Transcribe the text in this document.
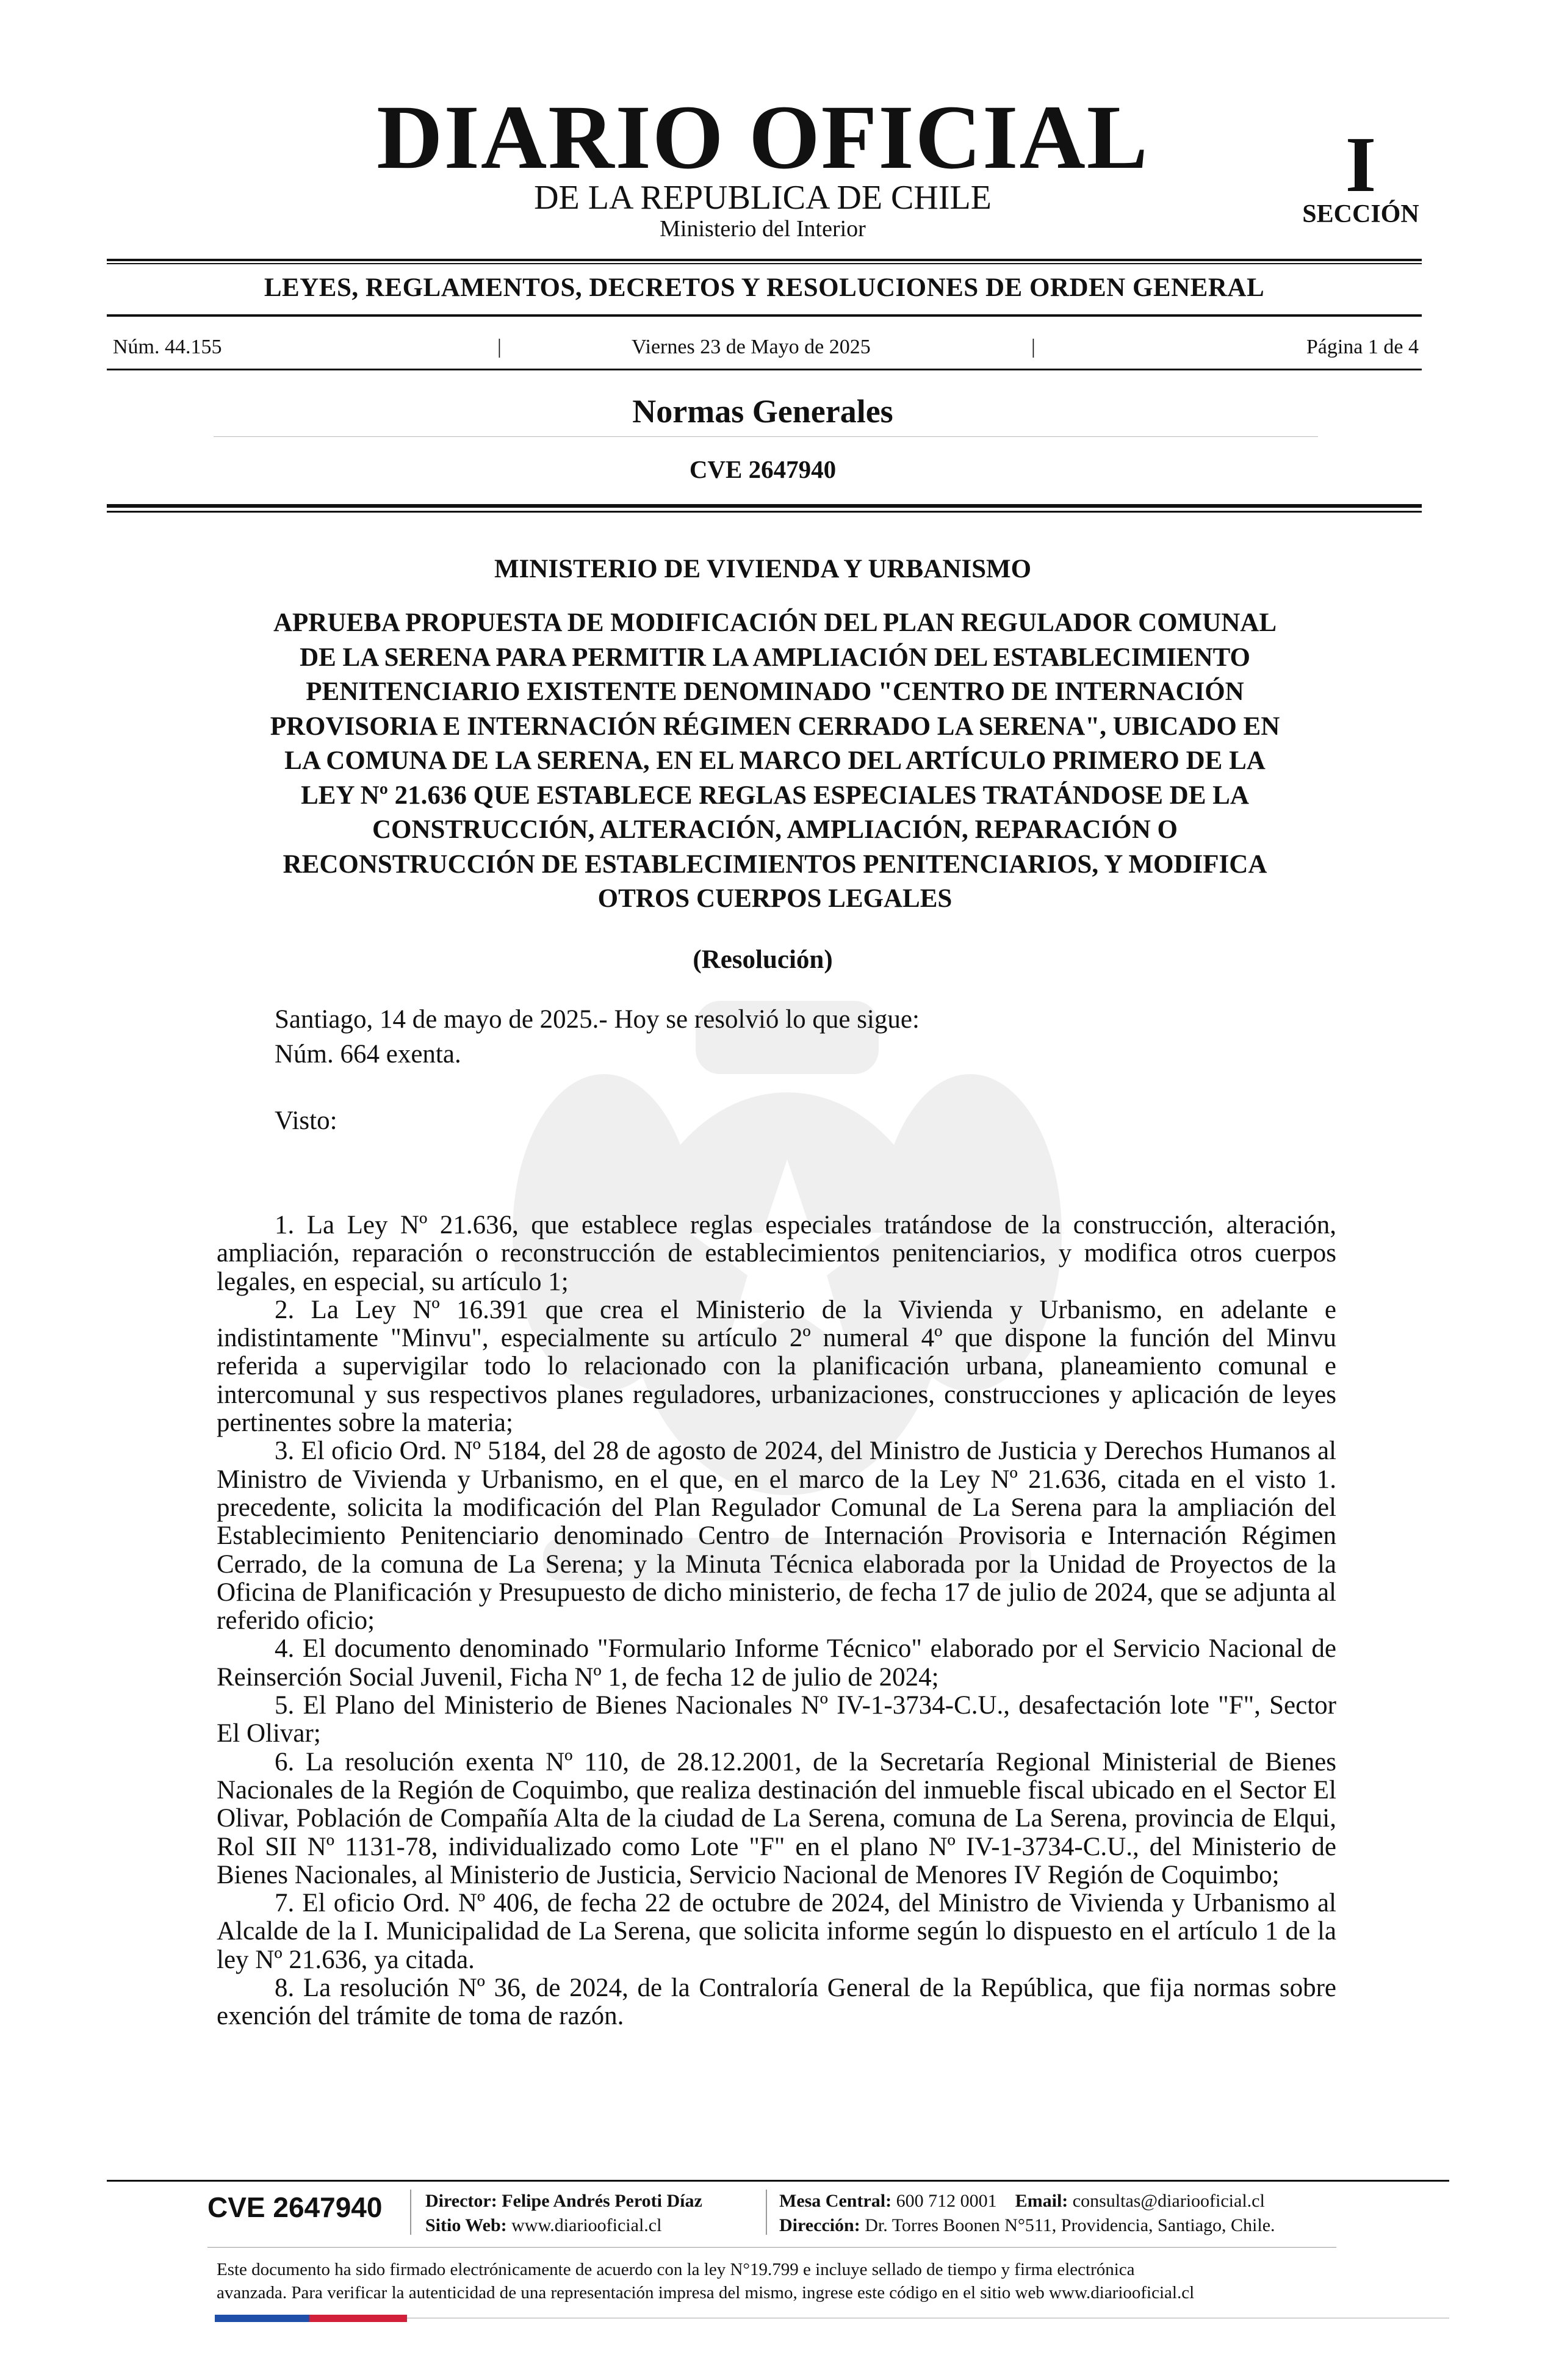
DIARIO OFICIAL
DE LA REPUBLICA DE CHILE
Ministerio del Interior
I
SECCIÓN
LEYES, REGLAMENTOS, DECRETOS Y RESOLUCIONES DE ORDEN GENERAL
Núm. 44.155	|	Viernes 23 de Mayo de 2025	|	Página 1 de 4
Normas Generales
CVE 2647940
MINISTERIO DE VIVIENDA Y URBANISMO
APRUEBA PROPUESTA DE MODIFICACIÓN DEL PLAN REGULADOR COMUNAL
DE LA SERENA PARA PERMITIR LA AMPLIACIÓN DEL ESTABLECIMIENTO
PENITENCIARIO EXISTENTE DENOMINADO "CENTRO DE INTERNACIÓN
PROVISORIA E INTERNACIÓN RÉGIMEN CERRADO LA SERENA", UBICADO EN
LA COMUNA DE LA SERENA, EN EL MARCO DEL ARTÍCULO PRIMERO DE LA
LEY Nº 21.636 QUE ESTABLECE REGLAS ESPECIALES TRATÁNDOSE DE LA
CONSTRUCCIÓN, ALTERACIÓN, AMPLIACIÓN, REPARACIÓN O
RECONSTRUCCIÓN DE ESTABLECIMIENTOS PENITENCIARIOS, Y MODIFICA
OTROS CUERPOS LEGALES
(Resolución)
Santiago, 14 de mayo de 2025.- Hoy se resolvió lo que sigue:
Núm. 664 exenta.
Visto:

1. La Ley Nº 21.636, que establece reglas especiales tratándose de la construcción, alteración, ampliación, reparación o reconstrucción de establecimientos penitenciarios, y modifica otros cuerpos legales, en especial, su artículo 1;

2. La Ley Nº 16.391 que crea el Ministerio de la Vivienda y Urbanismo, en adelante e indistintamente "Minvu", especialmente su artículo 2º numeral 4º que dispone la función del Minvu referida a supervigilar todo lo relacionado con la planificación urbana, planeamiento comunal e intercomunal y sus respectivos planes reguladores, urbanizaciones, construcciones y aplicación de leyes pertinentes sobre la materia;

3. El oficio Ord. Nº 5184, del 28 de agosto de 2024, del Ministro de Justicia y Derechos Humanos al Ministro de Vivienda y Urbanismo, en el que, en el marco de la Ley Nº 21.636, citada en el visto 1. precedente, solicita la modificación del Plan Regulador Comunal de La Serena para la ampliación del Establecimiento Penitenciario denominado Centro de Internación Provisoria e Internación Régimen Cerrado, de la comuna de La Serena; y la Minuta Técnica elaborada por la Unidad de Proyectos de la Oficina de Planificación y Presupuesto de dicho ministerio, de fecha 17 de julio de 2024, que se adjunta al referido oficio;

4. El documento denominado "Formulario Informe Técnico" elaborado por el Servicio Nacional de Reinserción Social Juvenil, Ficha Nº 1, de fecha 12 de julio de 2024;

5. El Plano del Ministerio de Bienes Nacionales Nº IV-1-3734-C.U., desafectación lote "F", Sector El Olivar;

6. La resolución exenta Nº 110, de 28.12.2001, de la Secretaría Regional Ministerial de Bienes Nacionales de la Región de Coquimbo, que realiza destinación del inmueble fiscal ubicado en el Sector El Olivar, Población de Compañía Alta de la ciudad de La Serena, comuna de La Serena, provincia de Elqui, Rol SII Nº 1131-78, individualizado como Lote "F" en el plano Nº IV-1-3734-C.U., del Ministerio de Bienes Nacionales, al Ministerio de Justicia, Servicio Nacional de Menores IV Región de Coquimbo;

7. El oficio Ord. Nº 406, de fecha 22 de octubre de 2024, del Ministro de Vivienda y Urbanismo al Alcalde de la I. Municipalidad de La Serena, que solicita informe según lo dispuesto en el artículo 1 de la ley Nº 21.636, ya citada.

8. La resolución Nº 36, de 2024, de la Contraloría General de la República, que fija normas sobre exención del trámite de toma de razón.

CVE 2647940 Director: Felipe Andrés Peroti Díaz
Sitio Web: www.diariooficial.cl
Mesa Central: 600 712 0001 Email: consultas@diariooficial.cl
Dirección: Dr. Torres Boonen N°511, Providencia, Santiago, Chile.
Este documento ha sido firmado electrónicamente de acuerdo con la ley N°19.799 e incluye sellado de tiempo y firma electrónica
avanzada. Para verificar la autenticidad de una representación impresa del mismo, ingrese este código en el sitio web www.diariooficial.cl
